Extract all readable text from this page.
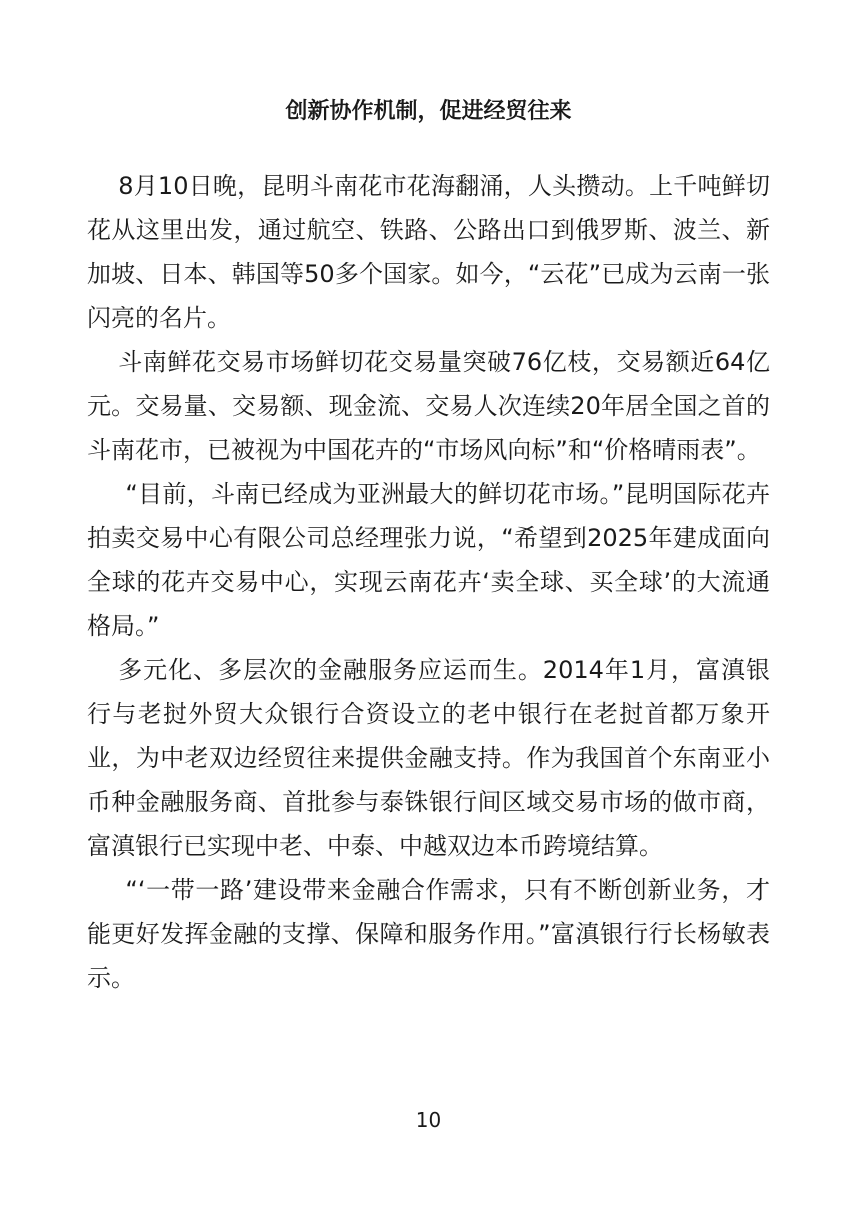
创新协作机制，促进经贸往来

8月10日晚，昆明斗南花市花海翻涌，人头攒动。上千吨鲜切花从这里出发，通过航空、铁路、公路出口到俄罗斯、波兰、新加坡、日本、韩国等50多个国家。如今，“云花”已成为云南一张闪亮的名片。

斗南鲜花交易市场鲜切花交易量突破76亿枝，交易额近64亿元。交易量、交易额、现金流、交易人次连续20年居全国之首的斗南花市，已被视为中国花卉的“市场风向标”和“价格晴雨表”。

“目前，斗南已经成为亚洲最大的鲜切花市场。”昆明国际花卉拍卖交易中心有限公司总经理张力说，“希望到2025年建成面向全球的花卉交易中心，实现云南花卉‘卖全球、买全球’的大流通格局。”

多元化、多层次的金融服务应运而生。2014年1月，富滇银行与老挝外贸大众银行合资设立的老中银行在老挝首都万象开业，为中老双边经贸往来提供金融支持。作为我国首个东南亚小币种金融服务商、首批参与泰铢银行间区域交易市场的做市商，富滇银行已实现中老、中泰、中越双边本币跨境结算。

“‘一带一路’建设带来金融合作需求，只有不断创新业务，才能更好发挥金融的支撑、保障和服务作用。”富滇银行行长杨敏表示。

10
